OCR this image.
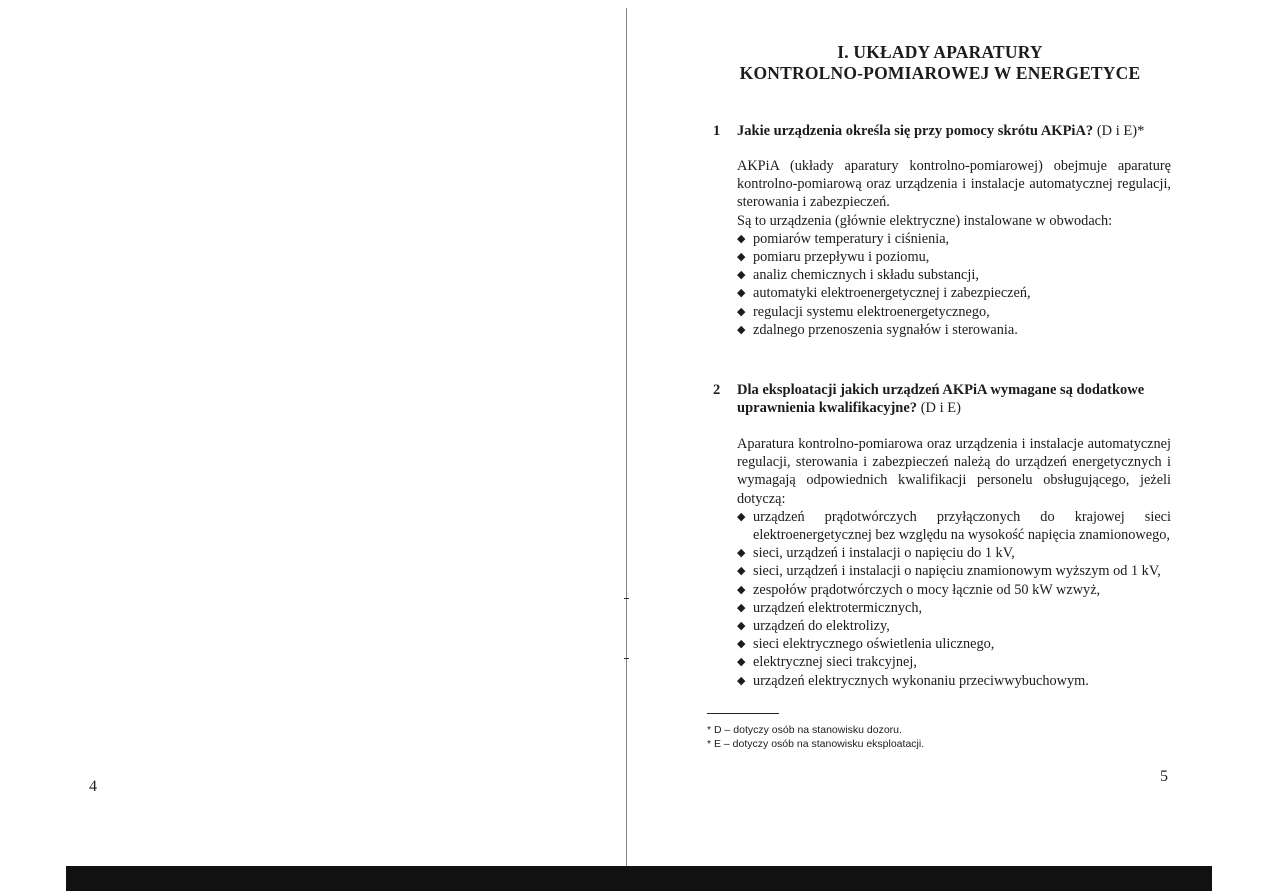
4
I. UKŁADY APARATURY
KONTROLNO-POMIAROWEJ W ENERGETYCE
1 Jakie urządzenia określa się przy pomocy skrótu AKPiA? (D i E)*

AKPiA (układy aparatury kontrolno-pomiarowej) obejmuje aparaturę kontrolno-pomiarową oraz urządzenia i instalacje automatycznej regulacji, sterowania i zabezpieczeń.

Są to urządzenia (głównie elektryczne) instalowane w obwodach:

◆ pomiarów temperatury i ciśnienia,
◆ pomiaru przepływu i poziomu,
◆ analiz chemicznych i składu substancji,
◆ automatyki elektroenergetycznej i zabezpieczeń,
◆ regulacji systemu elektroenergetycznego,
◆ zdalnego przenoszenia sygnałów i sterowania.
2 Dla eksploatacji jakich urządzeń AKPiA wymagane są dodatkowe uprawnienia kwalifikacyjne? (D i E)

Aparatura kontrolno-pomiarowa oraz urządzenia i instalacje automatycznej regulacji, sterowania i zabezpieczeń należą do urządzeń energetycznych i wymagają odpowiednich kwalifikacji personelu obsługującego, jeżeli dotyczą:

◆ urządzeń prądotwórczych przyłączonych do krajowej sieci elektroenergetycznej bez względu na wysokość napięcia znamionowego,
◆ sieci, urządzeń i instalacji o napięciu do 1 kV,
◆ sieci, urządzeń i instalacji o napięciu znamionowym wyższym od 1 kV,
◆ zespołów prądotwórczych o mocy łącznie od 50 kW wzwyż,
◆ urządzeń elektrotermicznych,
◆ urządzeń do elektrolizy,
◆ sieci elektrycznego oświetlenia ulicznego,
◆ elektrycznej sieci trakcyjnej,
◆ urządzeń elektrycznych wykonaniu przeciwwybuchowym.
* D – dotyczy osób na stanowisku dozoru.
* E – dotyczy osób na stanowisku eksploatacji.
5
